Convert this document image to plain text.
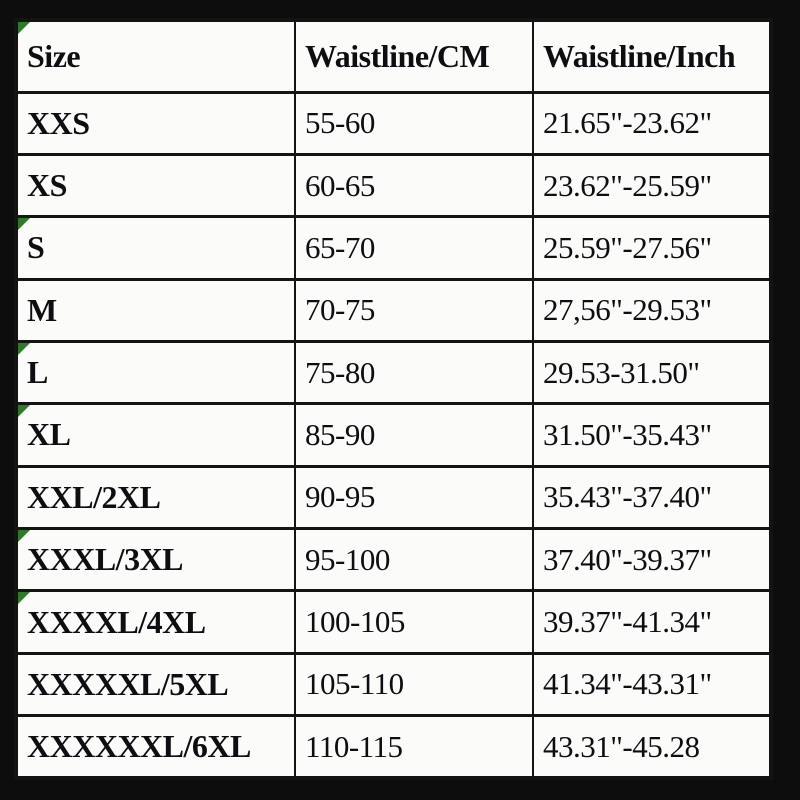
Size	Waistline/CM	Waistline/Inch
XXS	55-60	21.65"-23.62"
XS	60-65	23.62"-25.59"

S	65-70	25.59"-27.56"
M	70-75	27,56"-29.53"

L	75-80	29.53-31.50"

XL	85-90	31.50"-35.43"
XXL/2XL	90-95	35.43"-37.40"

XXXL/3XL	95-100	37.40"-39.37"

XXXXL/4XL	100-105	39.37"-41.34"
XXXXXL/5XL	105-110	41.34"-43.31"
XXXXXXL/6XL	110-115	43.31"-45.28
